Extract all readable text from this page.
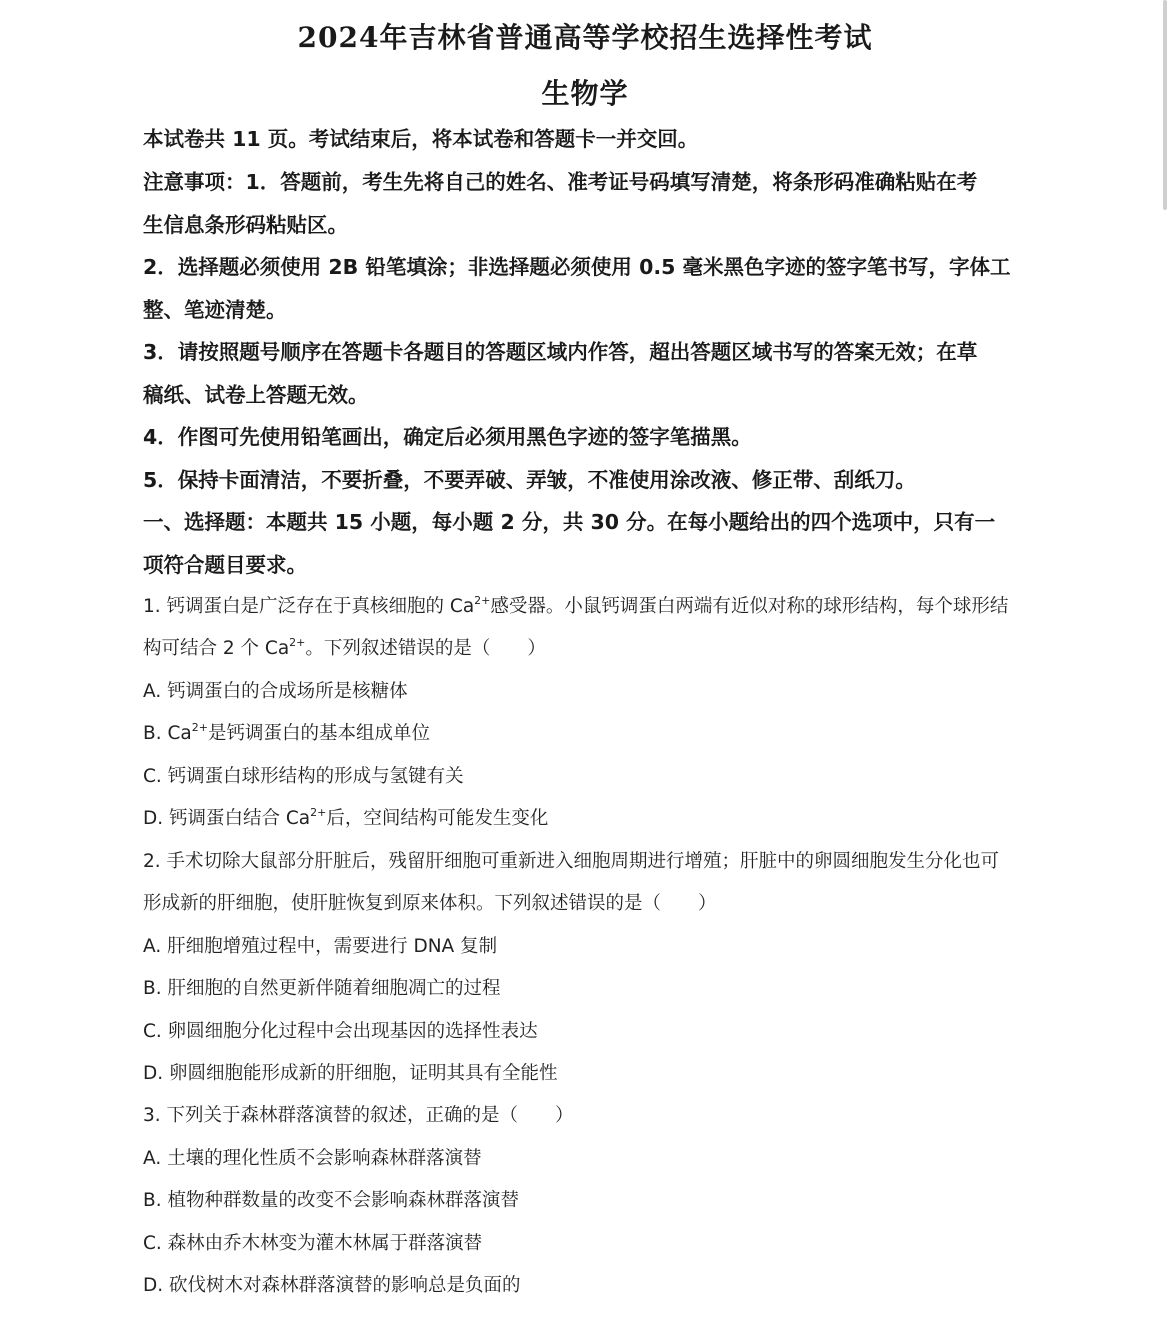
2024年吉林省普通高等学校招生选择性考试
生物学
本试卷共 11 页。考试结束后，将本试卷和答题卡一并交回。
注意事项：1．答题前，考生先将自己的姓名、准考证号码填写清楚，将条形码准确粘贴在考
生信息条形码粘贴区。
2．选择题必须使用 2B 铅笔填涂；非选择题必须使用 0.5 毫米黑色字迹的签字笔书写，字体工
整、笔迹清楚。
3．请按照题号顺序在答题卡各题目的答题区域内作答，超出答题区域书写的答案无效；在草
稿纸、试卷上答题无效。
4．作图可先使用铅笔画出，确定后必须用黑色字迹的签字笔描黑。
5．保持卡面清洁，不要折叠，不要弄破、弄皱，不准使用涂改液、修正带、刮纸刀。
一、选择题：本题共 15 小题，每小题 2 分，共 30 分。在每小题给出的四个选项中，只有一
项符合题目要求。
1. 钙调蛋白是广泛存在于真核细胞的 $Ca^{2+}$感受器。小鼠钙调蛋白两端有近似对称的球形结构，每个球形结
构可结合 2 个 $Ca^{2+}$。下列叙述错误的是（　　）
A. 钙调蛋白的合成场所是核糖体
B. $Ca^{2+}$是钙调蛋白的基本组成单位
C. 钙调蛋白球形结构的形成与氢键有关
D. 钙调蛋白结合 $Ca^{2+}$后，空间结构可能发生变化
2. 手术切除大鼠部分肝脏后，残留肝细胞可重新进入细胞周期进行增殖；肝脏中的卵圆细胞发生分化也可
形成新的肝细胞，使肝脏恢复到原来体积。下列叙述错误的是（　　）
A. 肝细胞增殖过程中，需要进行 DNA 复制
B. 肝细胞的自然更新伴随着细胞凋亡的过程
C. 卵圆细胞分化过程中会出现基因的选择性表达
D. 卵圆细胞能形成新的肝细胞，证明其具有全能性
3. 下列关于森林群落演替的叙述，正确的是（　　）
A. 土壤的理化性质不会影响森林群落演替
B. 植物种群数量的改变不会影响森林群落演替
C. 森林由乔木林变为灌木林属于群落演替
D. 砍伐树木对森林群落演替的影响总是负面的
